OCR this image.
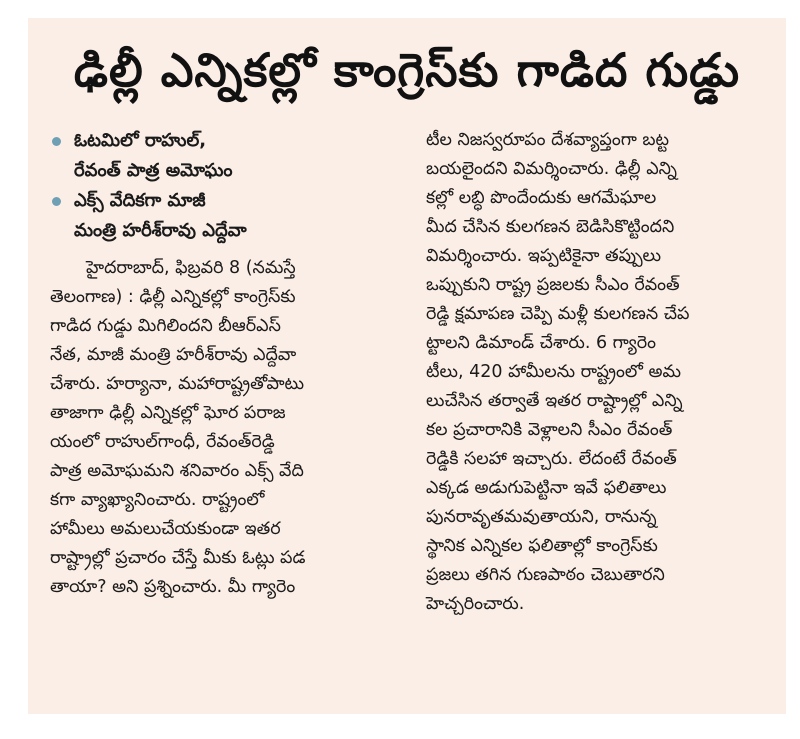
ఢిల్లీ ఎన్నికల్లో కాంగ్రెస్‌కు గాడిద గుడ్డు
ఓటమిలో రాహుల్,
రేవంత్ పాత్ర అమోఘం
ఎక్స్ వేదికగా మాజీ
మంత్రి హరీశ్‌రావు ఎద్దేవా
హైదరాబాద్, ఫిబ్రవరి 8 (నమస్తే
తెలంగాణ) : ఢిల్లీ ఎన్నికల్లో కాంగ్రెస్‌కు
గాడిద గుడ్డు మిగిలిందని బీఆర్‌ఎస్
నేత, మాజీ మంత్రి హరీశ్‌రావు ఎద్దేవా
చేశారు. హర్యానా, మహారాష్ట్రతోపాటు
తాజాగా ఢిల్లీ ఎన్నికల్లో ఘోర పరాజ
యంలో రాహుల్‌గాంధీ, రేవంత్‌రెడ్డి
పాత్ర అమోఘమని శనివారం ఎక్స్ వేది
కగా వ్యాఖ్యానించారు. రాష్ట్రంలో
హామీలు అమలుచేయకుండా ఇతర
రాష్ట్రాల్లో ప్రచారం చేస్తే మీకు ఓట్లు పడ
తాయా? అని ప్రశ్నించారు. మీ గ్యారెం
టీల నిజస్వరూపం దేశవ్యాప్తంగా బట్ట
బయలైందని విమర్శించారు. ఢిల్లీ ఎన్ని
కల్లో లబ్ధి పొందేందుకు ఆగమేఘాల
మీద చేసిన కులగణన బెడిసికొట్టిందని
విమర్శించారు. ఇప్పటికైనా తప్పులు
ఒప్పుకుని రాష్ట్ర ప్రజలకు సీఎం రేవంత్
రెడ్డి క్షమాపణ చెప్పి మళ్లీ కులగణన చేప
ట్టాలని డిమాండ్ చేశారు. 6 గ్యారెం
టీలు, 420 హామీలను రాష్ట్రంలో అమ
లుచేసిన తర్వాతే ఇతర రాష్ట్రాల్లో ఎన్ని
కల ప్రచారానికి వెళ్లాలని సీఎం రేవంత్
రెడ్డికి సలహా ఇచ్చారు. లేదంటే రేవంత్
ఎక్కడ అడుగుపెట్టినా ఇవే ఫలితాలు
పునరావృతమవుతాయని, రానున్న
స్థానిక ఎన్నికల ఫలితాల్లో కాంగ్రెస్‌కు
ప్రజలు తగిన గుణపాఠం చెబుతారని
హెచ్చరించారు.
